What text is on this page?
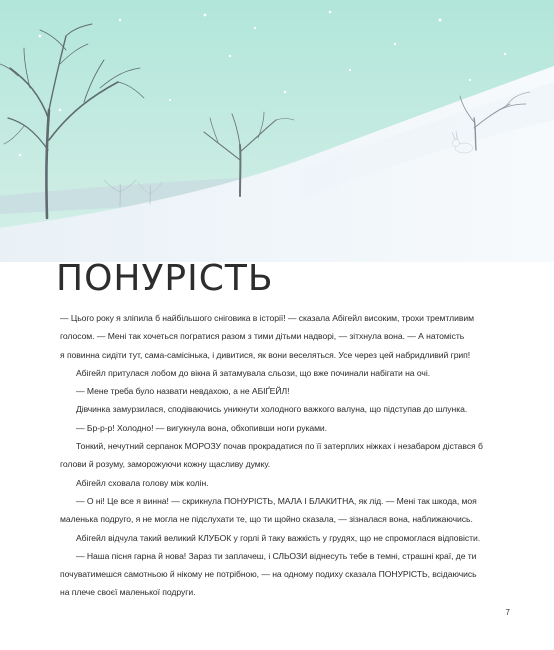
ПОНУРІСТЬ

— Цього року я зліпила б найбільшого сніговика в історії! — сказала Абігейл високим, трохи тремтливим

голосом. — Мені так хочеться погратися разом з тими дітьми надворі, — зітхнула вона. — А натомість

я повинна сидіти тут, сама-самісінька, і дивитися, як вони веселяться. Усе через цей набридливий грип!

Абігейл притулася лобом до вікна й затамувала сльози, що вже починали набігати на очі.

— Мене треба було назвати невдахою, а не АБІҐЕЙЛ!

Дівчинка замурзилася, сподіваючись уникнути холодного важкого валуна, що підступав до шлунка.

— Бр-р-р! Холодно! — вигукнула вона, обхопивши ноги руками.

Тонкий, нечутний серпанок МОРОЗУ почав прокрадатися по її затерплих ніжках і незабаром дістався б

голови й розуму, заморожуючи кожну щасливу думку.

Абігейл сховала голову між колін.

— О ні! Це все я винна! — скрикнула ПОНУРІСТЬ, МАЛА І БЛАКИТНА, як лід. — Мені так шкода, моя

маленька подруго, я не могла не підслухати те, що ти щойно сказала, — зізналася вона, наближаючись.

Абігейл відчула такий великий КЛУБОК у горлі й таку важкість у грудях, що не спромоглася відповісти.

— Наша пісня гарна й нова! Зараз ти заплачеш, і СЛЬОЗИ віднесуть тебе в темні, страшні краї, де ти

почуватимешся самотньою й нікому не потрібною, — на одному подиху сказала ПОНУРІСТЬ, всідаючись

на плече своєї маленької подруги.

7
